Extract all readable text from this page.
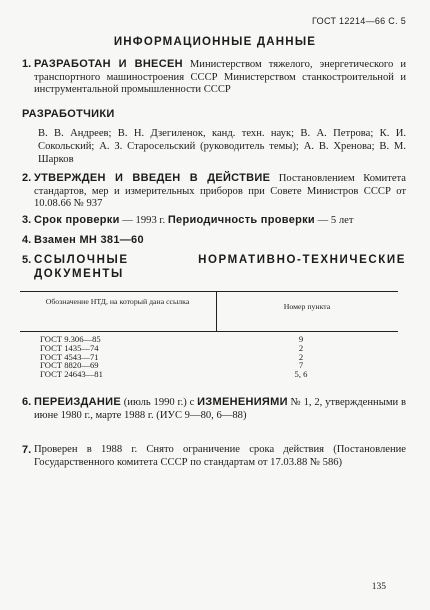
ГОСТ 12214—66 С. 5
ИНФОРМАЦИОННЫЕ ДАННЫЕ
1. РАЗРАБОТАН И ВНЕСЕН Министерством тяжелого, энергетического и транспортного машиностроения СССР Министерством станкостроительной и инструментальной промышленности СССР
РАЗРАБОТЧИКИ
В. В. Андреев; В. Н. Дзегиленок, канд. техн. наук; В. А. Петрова; К. И. Сокольский; А. З. Старосельский (руководитель темы); А. В. Хренова; В. М. Шарков
2. УТВЕРЖДЕН И ВВЕДЕН В ДЕЙСТВИЕ Постановлением Комитета стандартов, мер и измерительных приборов при Совете Министров СССР от 10.08.66 № 937
3. Срок проверки — 1993 г. Периодичность проверки — 5 лет
4. Взамен МН 381—60
5. ССЫЛОЧНЫЕ НОРМАТИВНО-ТЕХНИЧЕСКИЕ ДОКУМЕНТЫ
Обозначение НТД, на который дана ссылка
Номер пункта
ГОСТ 9.306—85
ГОСТ 1435—74
ГОСТ 4543—71
ГОСТ 8820—69
ГОСТ 24643—81
9
2
2
7
5, 6
6. ПЕРЕИЗДАНИЕ (июль 1990 г.) с ИЗМЕНЕНИЯМИ № 1, 2, утвержденными в июне 1980 г., марте 1988 г. (ИУС 9—80, 6—88)
7. Проверен в 1988 г. Снято ограничение срока действия (Постановление Государственного комитета СССР по стандартам от 17.03.88 № 586)
135
